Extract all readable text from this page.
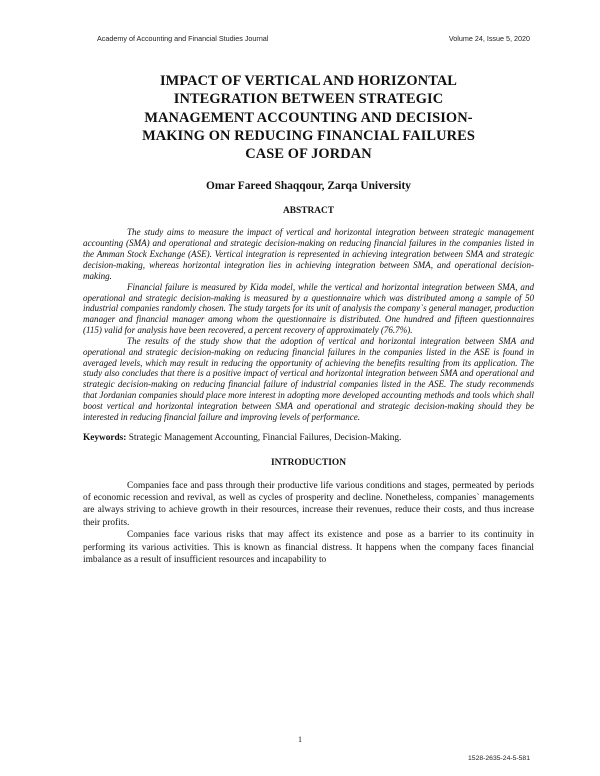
Academy of Accounting and Financial Studies Journal	Volume 24, Issue 5, 2020
IMPACT OF VERTICAL AND HORIZONTAL
INTEGRATION BETWEEN STRATEGIC
MANAGEMENT ACCOUNTING AND DECISION-
MAKING ON REDUCING FINANCIAL FAILURES
CASE OF JORDAN
Omar Fareed Shaqqour, Zarqa University
ABSTRACT

The study aims to measure the impact of vertical and horizontal integration between strategic management accounting (SMA) and operational and strategic decision-making on reducing financial failures in the companies listed in the Amman Stock Exchange (ASE). Vertical integration is represented in achieving integration between SMA and strategic decision-making, whereas horizontal integration lies in achieving integration between SMA, and operational decision-making.

Financial failure is measured by Kida model, while the vertical and horizontal integration between SMA, and operational and strategic decision-making is measured by a questionnaire which was distributed among a sample of 50 industrial companies randomly chosen. The study targets for its unit of analysis the company`s general manager, production manager and financial manager among whom the questionnaire is distributed. One hundred and fifteen questionnaires (115) valid for analysis have been recovered, a percent recovery of approximately (76.7%).

The results of the study show that the adoption of vertical and horizontal integration between SMA and operational and strategic decision-making on reducing financial failures in the companies listed in the ASE is found in averaged levels, which may result in reducing the opportunity of achieving the benefits resulting from its application. The study also concludes that there is a positive impact of vertical and horizontal integration between SMA and operational and strategic decision-making on reducing financial failure of industrial companies listed in the ASE. The study recommends that Jordanian companies should place more interest in adopting more developed accounting methods and tools which shall boost vertical and horizontal integration between SMA and operational and strategic decision-making should they be interested in reducing financial failure and improving levels of performance.

Keywords: Strategic Management Accounting, Financial Failures, Decision-Making.
INTRODUCTION

Companies face and pass through their productive life various conditions and stages, permeated by periods of economic recession and revival, as well as cycles of prosperity and decline. Nonetheless, companies` managements are always striving to achieve growth in their resources, increase their revenues, reduce their costs, and thus increase their profits.

Companies face various risks that may affect its existence and pose as a barrier to its continuity in performing its various activities. This is known as financial distress. It happens when the company faces financial imbalance as a result of insufficient resources and incapability to

1
1528-2635-24-5-581
